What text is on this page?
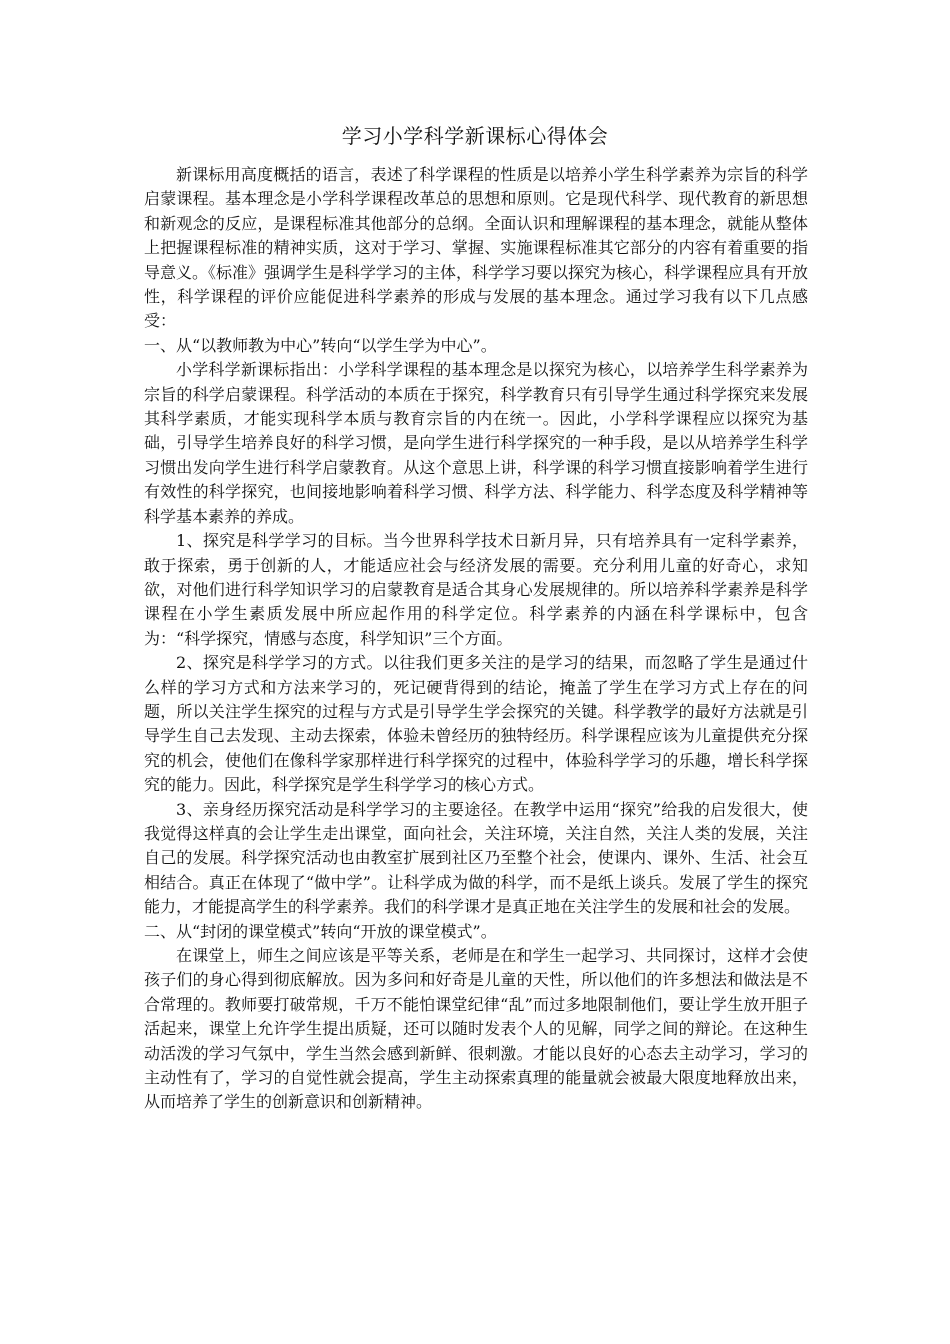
学习小学科学新课标心得体会

新课标用高度概括的语言，表述了科学课程的性质是以培养小学生科学素养为宗旨的科学启蒙课程。基本理念是小学科学课程改革总的思想和原则。它是现代科学、现代教育的新思想和新观念的反应，是课程标准其他部分的总纲。全面认识和理解课程的基本理念，就能从整体上把握课程标准的精神实质，这对于学习、掌握、实施课程标准其它部分的内容有着重要的指导意义。《标准》强调学生是科学学习的主体，科学学习要以探究为核心，科学课程应具有开放性，科学课程的评价应能促进科学素养的形成与发展的基本理念。通过学习我有以下几点感受：

一、从“以教师教为中心”转向“以学生学为中心”。

小学科学新课标指出：小学科学课程的基本理念是以探究为核心，以培养学生科学素养为宗旨的科学启蒙课程。科学活动的本质在于探究，科学教育只有引导学生通过科学探究来发展其科学素质，才能实现科学本质与教育宗旨的内在统一。因此，小学科学课程应以探究为基础，引导学生培养良好的科学习惯，是向学生进行科学探究的一种手段，是以从培养学生科学习惯出发向学生进行科学启蒙教育。从这个意思上讲，科学课的科学习惯直接影响着学生进行有效性的科学探究，也间接地影响着科学习惯、科学方法、科学能力、科学态度及科学精神等科学基本素养的养成。

1、探究是科学学习的目标。当今世界科学技术日新月异，只有培养具有一定科学素养，敢于探索，勇于创新的人，才能适应社会与经济发展的需要。充分利用儿童的好奇心，求知欲，对他们进行科学知识学习的启蒙教育是适合其身心发展规律的。所以培养科学素养是科学课程在小学生素质发展中所应起作用的科学定位。科学素养的内涵在科学课标中，包含为：“科学探究，情感与态度，科学知识”三个方面。

2、探究是科学学习的方式。以往我们更多关注的是学习的结果，而忽略了学生是通过什么样的学习方式和方法来学习的，死记硬背得到的结论，掩盖了学生在学习方式上存在的问题，所以关注学生探究的过程与方式是引导学生学会探究的关键。科学教学的最好方法就是引导学生自己去发现、主动去探索，体验未曾经历的独特经历。科学课程应该为儿童提供充分探究的机会，使他们在像科学家那样进行科学探究的过程中，体验科学学习的乐趣，增长科学探究的能力。因此，科学探究是学生科学学习的核心方式。

3、亲身经历探究活动是科学学习的主要途径。在教学中运用“探究”给我的启发很大，使我觉得这样真的会让学生走出课堂，面向社会，关注环境，关注自然，关注人类的发展，关注自己的发展。科学探究活动也由教室扩展到社区乃至整个社会，使课内、课外、生活、社会互相结合。真正在体现了“做中学”。让科学成为做的科学，而不是纸上谈兵。发展了学生的探究能力，才能提高学生的科学素养。我们的科学课才是真正地在关注学生的发展和社会的发展。

二、从“封闭的课堂模式”转向“开放的课堂模式”。

在课堂上，师生之间应该是平等关系，老师是在和学生一起学习、共同探讨，这样才会使孩子们的身心得到彻底解放。因为多问和好奇是儿童的天性，所以他们的许多想法和做法是不合常理的。教师要打破常规，千万不能怕课堂纪律“乱”而过多地限制他们，要让学生放开胆子活起来，课堂上允许学生提出质疑，还可以随时发表个人的见解，同学之间的辩论。在这种生动活泼的学习气氛中，学生当然会感到新鲜、很刺激。才能以良好的心态去主动学习，学习的主动性有了，学习的自觉性就会提高，学生主动探索真理的能量就会被最大限度地释放出来，从而培养了学生的创新意识和创新精神。
